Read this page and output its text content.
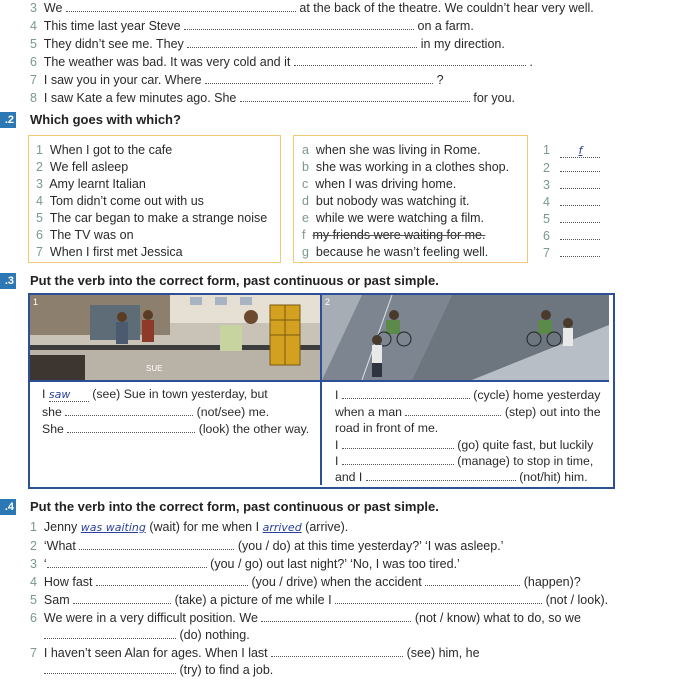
3 We	at the back of the theatre. We couldn’t hear very well.
4 This time last year Steve	on a farm.
5 They didn’t see me. They	in my direction.
6 The weather was bad. It was very cold and it	.
7 I saw you in your car. Where	?
8 I saw Kate a few minutes ago. She	for you.
.2 Which goes with which?
1 When I got to the cafe
2 We fell asleep
3 Amy learnt Italian
4 Tom didn’t come out with us
5 The car began to make a strange noise
6 The TV was on
7 When I first met Jessica
a when she was living in Rome.
b she was working in a clothes shop.
c when I was driving home.
d but nobody was watching it.
e while we were watching a film.
f my friends were waiting for me.
g because he wasn’t feeling well.
1	f
2
3
4
5
6
7
.3 Put the verb into the correct form, past continuous or past simple.
SUE
1	2
I saw (see) Sue in town yesterday, but
she	(not/see) me.
She	(look) the other way.
I	(cycle) home yesterday
when a man	(step) out into the
road in front of me.
I	(go) quite fast, but luckily
I	(manage) to stop in time,
and I	(not/hit) him.
.4 Put the verb into the correct form, past continuous or past simple.
1 Jenny was waiting (wait) for me when I arrived (arrive).
2 ‘What	(you / do) at this time yesterday?’ ‘I was asleep.’
3 ‘	(you / go) out last night?’ ‘No, I was too tired.’
4 How fast	(you / drive) when the accident	(happen)?
5 Sam	(take) a picture of me while I	(not / look).
6 We were in a very difficult position. We	(not / know) what to do, so we
(do) nothing.
7 I haven’t seen Alan for ages. When I last	(see) him, he
(try) to find a job.
